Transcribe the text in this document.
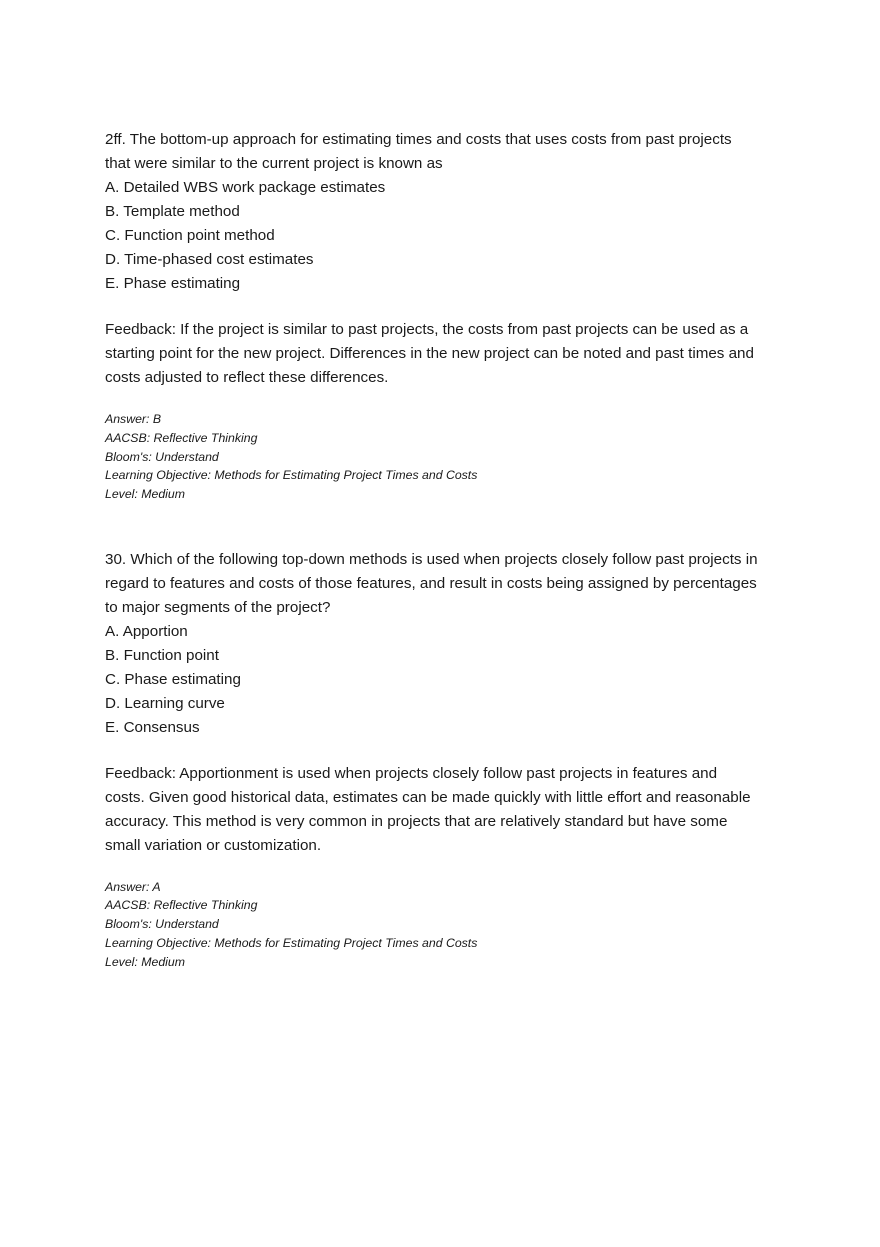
2ff. The bottom-up approach for estimating times and costs that uses costs from past projects that were similar to the current project is known as

A. Detailed WBS work package estimates
B. Template method
C. Function point method
D. Time-phased cost estimates
E. Phase estimating

Feedback: If the project is similar to past projects, the costs from past projects can be used as a starting point for the new project. Differences in the new project can be noted and past times and costs adjusted to reflect these differences.

Answer: B

AACSB: Reflective Thinking

Bloom's: Understand

Learning Objective: Methods for Estimating Project Times and Costs

Level: Medium

30. Which of the following top-down methods is used when projects closely follow past projects in regard to features and costs of those features, and result in costs being assigned by percentages to major segments of the project?

A. Apportion
B. Function point
C. Phase estimating
D. Learning curve
E. Consensus

Feedback: Apportionment is used when projects closely follow past projects in features and costs. Given good historical data, estimates can be made quickly with little effort and reasonable accuracy. This method is very common in projects that are relatively standard but have some small variation or customization.

Answer: A

AACSB: Reflective Thinking

Bloom's: Understand

Learning Objective: Methods for Estimating Project Times and Costs

Level: Medium
